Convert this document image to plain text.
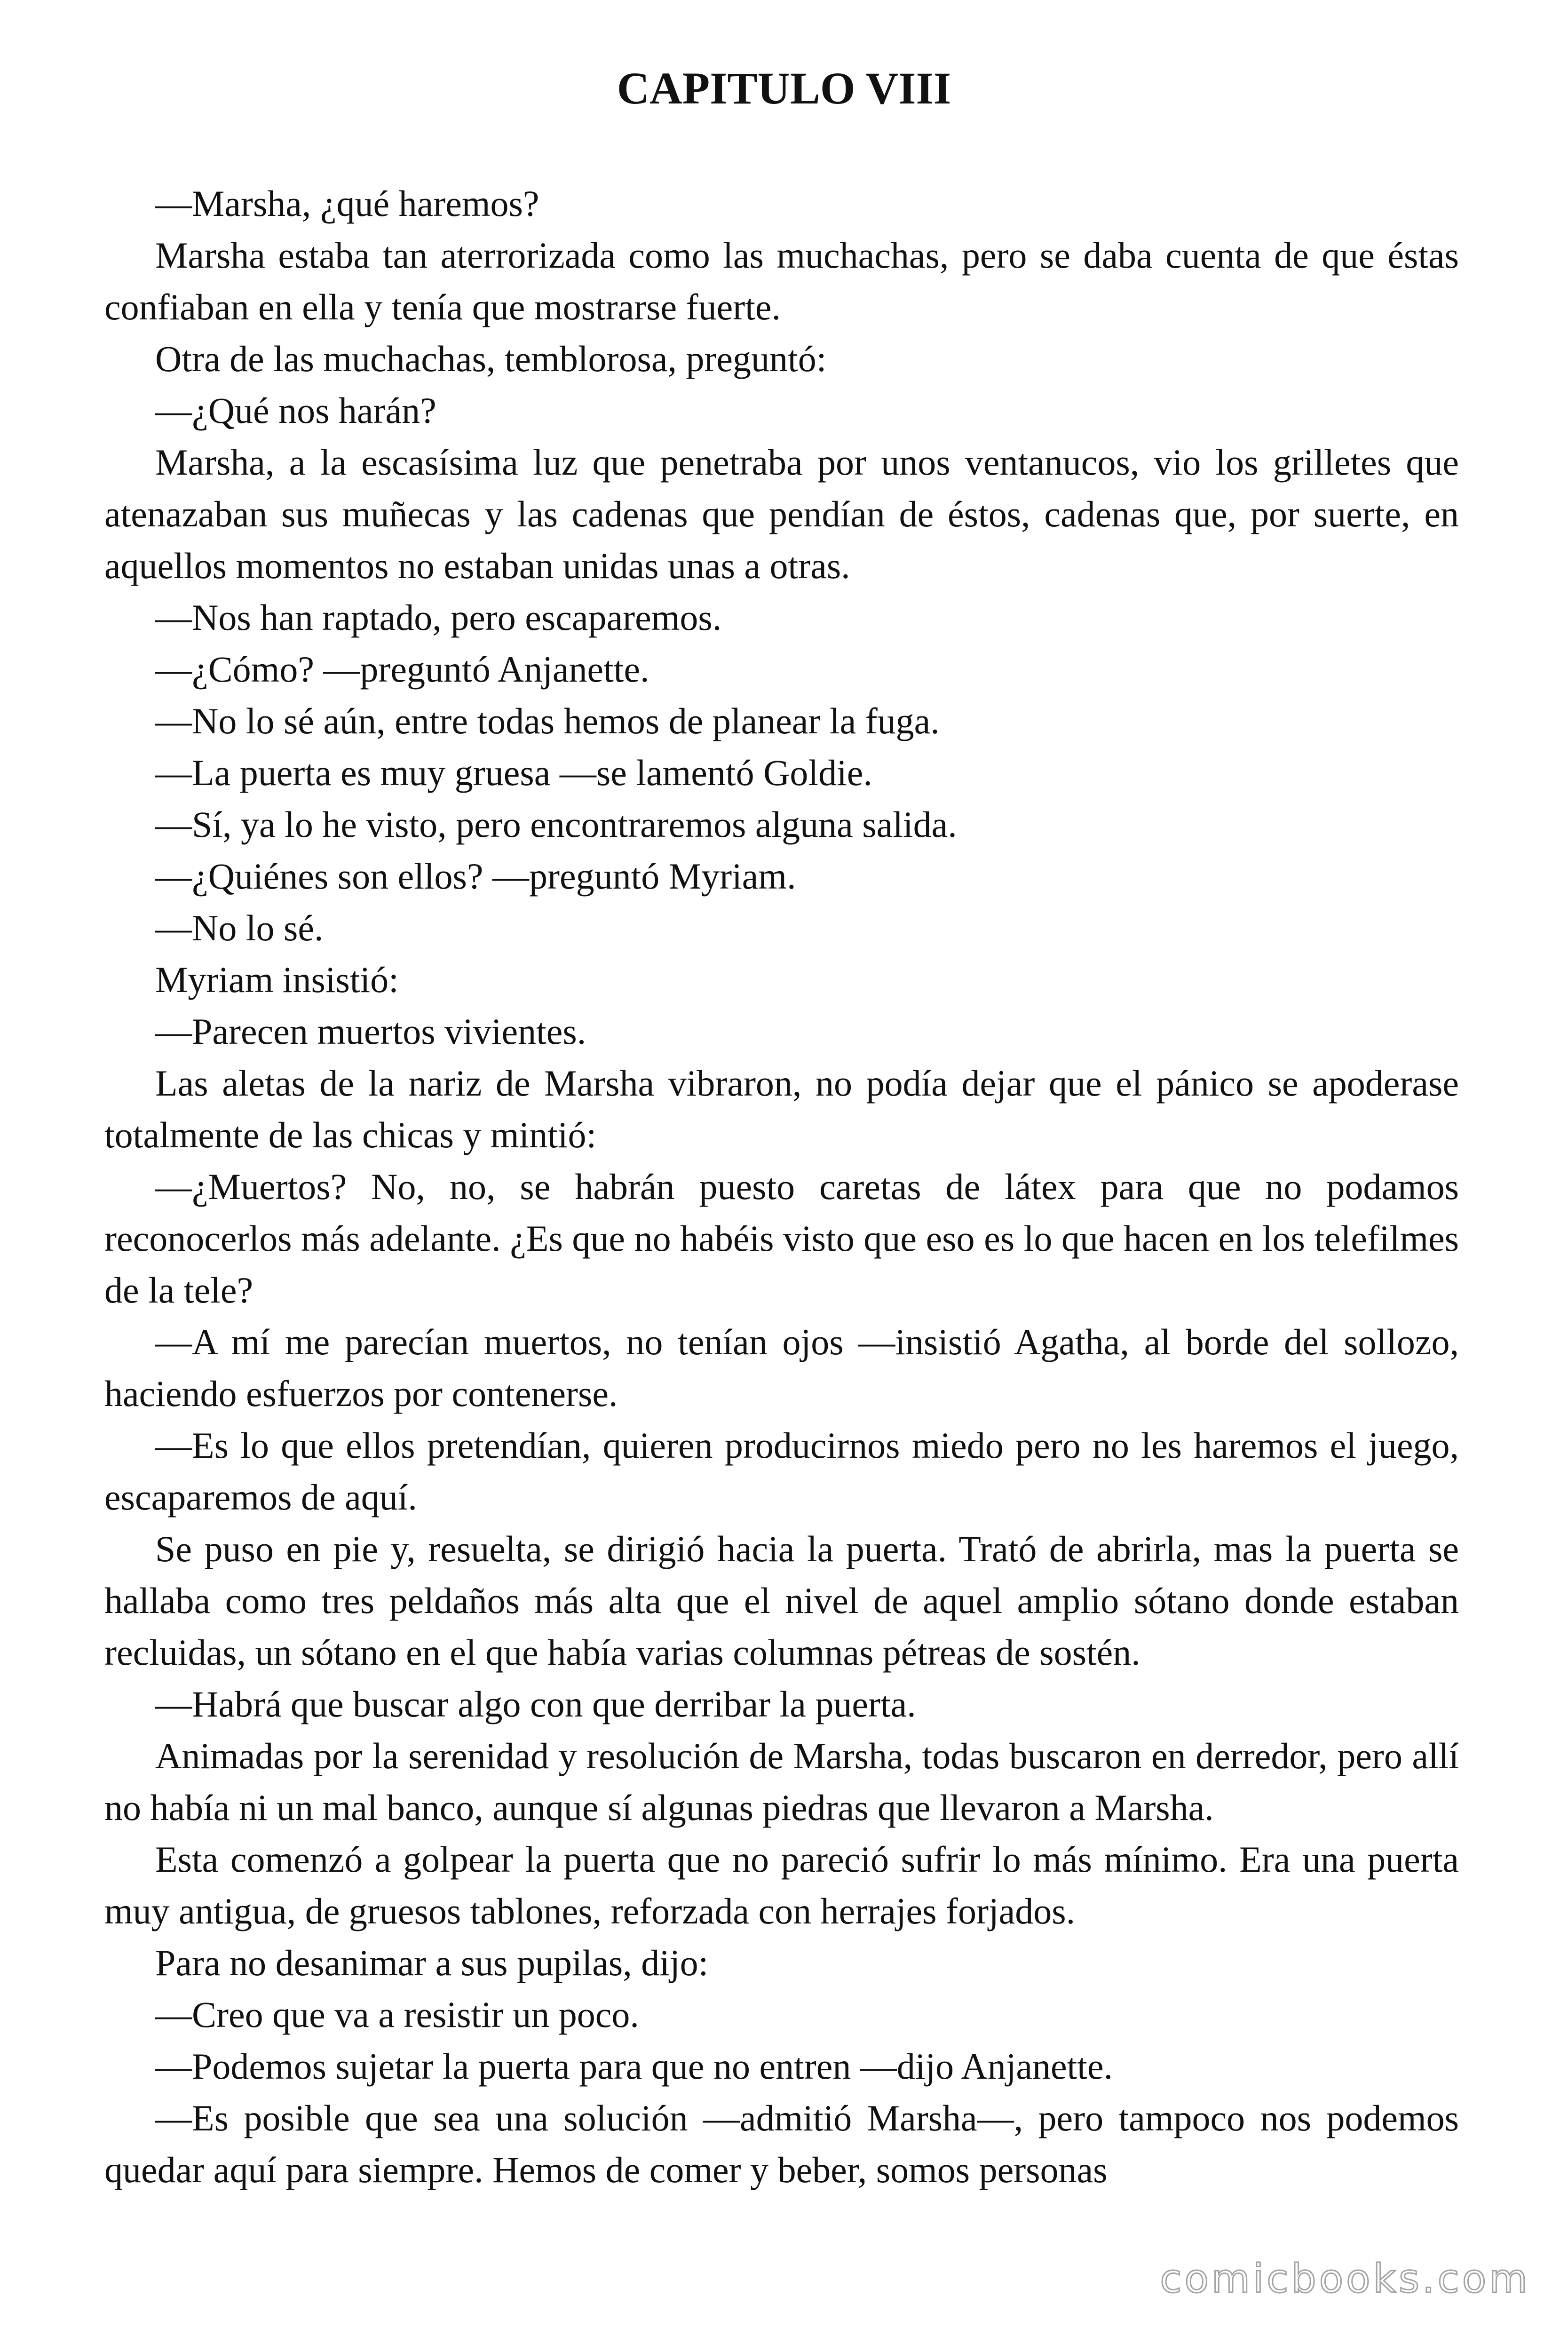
CAPITULO VIII

—Marsha, ¿qué haremos?

Marsha estaba tan aterrorizada como las muchachas, pero se daba cuenta de que éstas confiaban en ella y tenía que mostrarse fuerte.

Otra de las muchachas, temblorosa, preguntó:

—¿Qué nos harán?

Marsha, a la escasísima luz que penetraba por unos ventanucos, vio los grilletes que atenazaban sus muñecas y las cadenas que pendían de éstos, cadenas que, por suerte, en aquellos momentos no estaban unidas unas a otras.

—Nos han raptado, pero escaparemos.

—¿Cómo? —preguntó Anjanette.

—No lo sé aún, entre todas hemos de planear la fuga.

—La puerta es muy gruesa —se lamentó Goldie.

—Sí, ya lo he visto, pero encontraremos alguna salida.

—¿Quiénes son ellos? —preguntó Myriam.

—No lo sé.

Myriam insistió:

—Parecen muertos vivientes.

Las aletas de la nariz de Marsha vibraron, no podía dejar que el pánico se apoderase totalmente de las chicas y mintió:

—¿Muertos? No, no, se habrán puesto caretas de látex para que no podamos reconocerlos más adelante. ¿Es que no habéis visto que eso es lo que hacen en los telefilmes de la tele?

—A mí me parecían muertos, no tenían ojos —insistió Agatha, al borde del sollozo, haciendo esfuerzos por contenerse.

—Es lo que ellos pretendían, quieren producirnos miedo pero no les haremos el juego, escaparemos de aquí.

Se puso en pie y, resuelta, se dirigió hacia la puerta. Trató de abrirla, mas la puerta se hallaba como tres peldaños más alta que el nivel de aquel amplio sótano donde estaban recluidas, un sótano en el que había varias columnas pétreas de sostén.

—Habrá que buscar algo con que derribar la puerta.

Animadas por la serenidad y resolución de Marsha, todas buscaron en derredor, pero allí no había ni un mal banco, aunque sí algunas piedras que llevaron a Marsha.

Esta comenzó a golpear la puerta que no pareció sufrir lo más mínimo. Era una puerta muy antigua, de gruesos tablones, reforzada con herrajes forjados.

Para no desanimar a sus pupilas, dijo:

—Creo que va a resistir un poco.

—Podemos sujetar la puerta para que no entren —dijo Anjanette.

—Es posible que sea una solución —admitió Marsha—, pero tampoco nos podemos quedar aquí para siempre. Hemos de comer y beber, somos personas

comicbooks.com
